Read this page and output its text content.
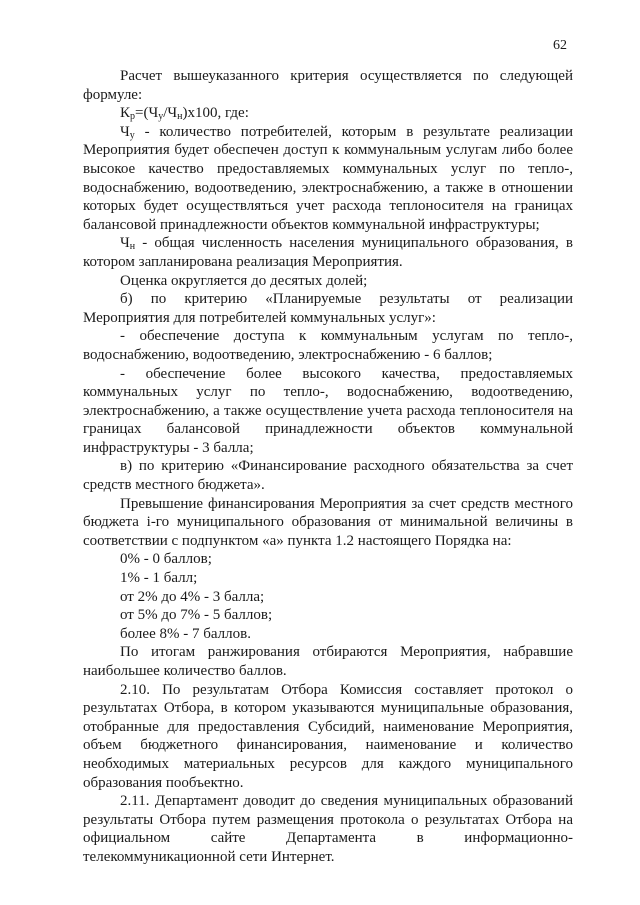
62

Расчет вышеуказанного критерия осуществляется по следующей формуле:

$К_р=(Ч_у/Ч_н)x100$, где:

$Ч_у$ - количество потребителей, которым в результате реализации Мероприятия будет обеспечен доступ к коммунальным услугам либо более высокое качество предоставляемых коммунальных услуг по тепло-, водоснабжению, водоотведению, электроснабжению, а также в отношении которых будет осуществляться учет расхода теплоносителя на границах балансовой принадлежности объектов коммунальной инфраструктуры;

$Ч_н$ - общая численность населения муниципального образования, в котором запланирована реализация Мероприятия.

Оценка округляется до десятых долей;

б) по критерию «Планируемые результаты от реализации Мероприятия для потребителей коммунальных услуг»:

- обеспечение доступа к коммунальным услугам по тепло-, водоснабжению, водоотведению, электроснабжению - 6 баллов;

- обеспечение более высокого качества, предоставляемых коммунальных услуг по тепло-, водоснабжению, водоотведению, электроснабжению, а также осуществление учета расхода теплоносителя на границах балансовой принадлежности объектов коммунальной инфраструктуры - 3 балла;

в) по критерию «Финансирование расходного обязательства за счет средств местного бюджета».

Превышение финансирования Мероприятия за счет средств местного бюджета i-го муниципального образования от минимальной величины в соответствии с подпунктом «а» пункта 1.2 настоящего Порядка на:

0% - 0 баллов;

1% - 1 балл;

от 2% до 4% - 3 балла;

от 5% до 7% - 5 баллов;

более 8% - 7 баллов.

По итогам ранжирования отбираются Мероприятия, набравшие наибольшее количество баллов.

2.10. По результатам Отбора Комиссия составляет протокол о результатах Отбора, в котором указываются муниципальные образования, отобранные для предоставления Субсидий, наименование Мероприятия, объем бюджетного финансирования, наименование и количество необходимых материальных ресурсов для каждого муниципального образования пообъектно.

2.11. Департамент доводит до сведения муниципальных образований результаты Отбора путем размещения протокола о результатах Отбора на официальном сайте Департамента в информационно-телекоммуникационной сети Интернет.
